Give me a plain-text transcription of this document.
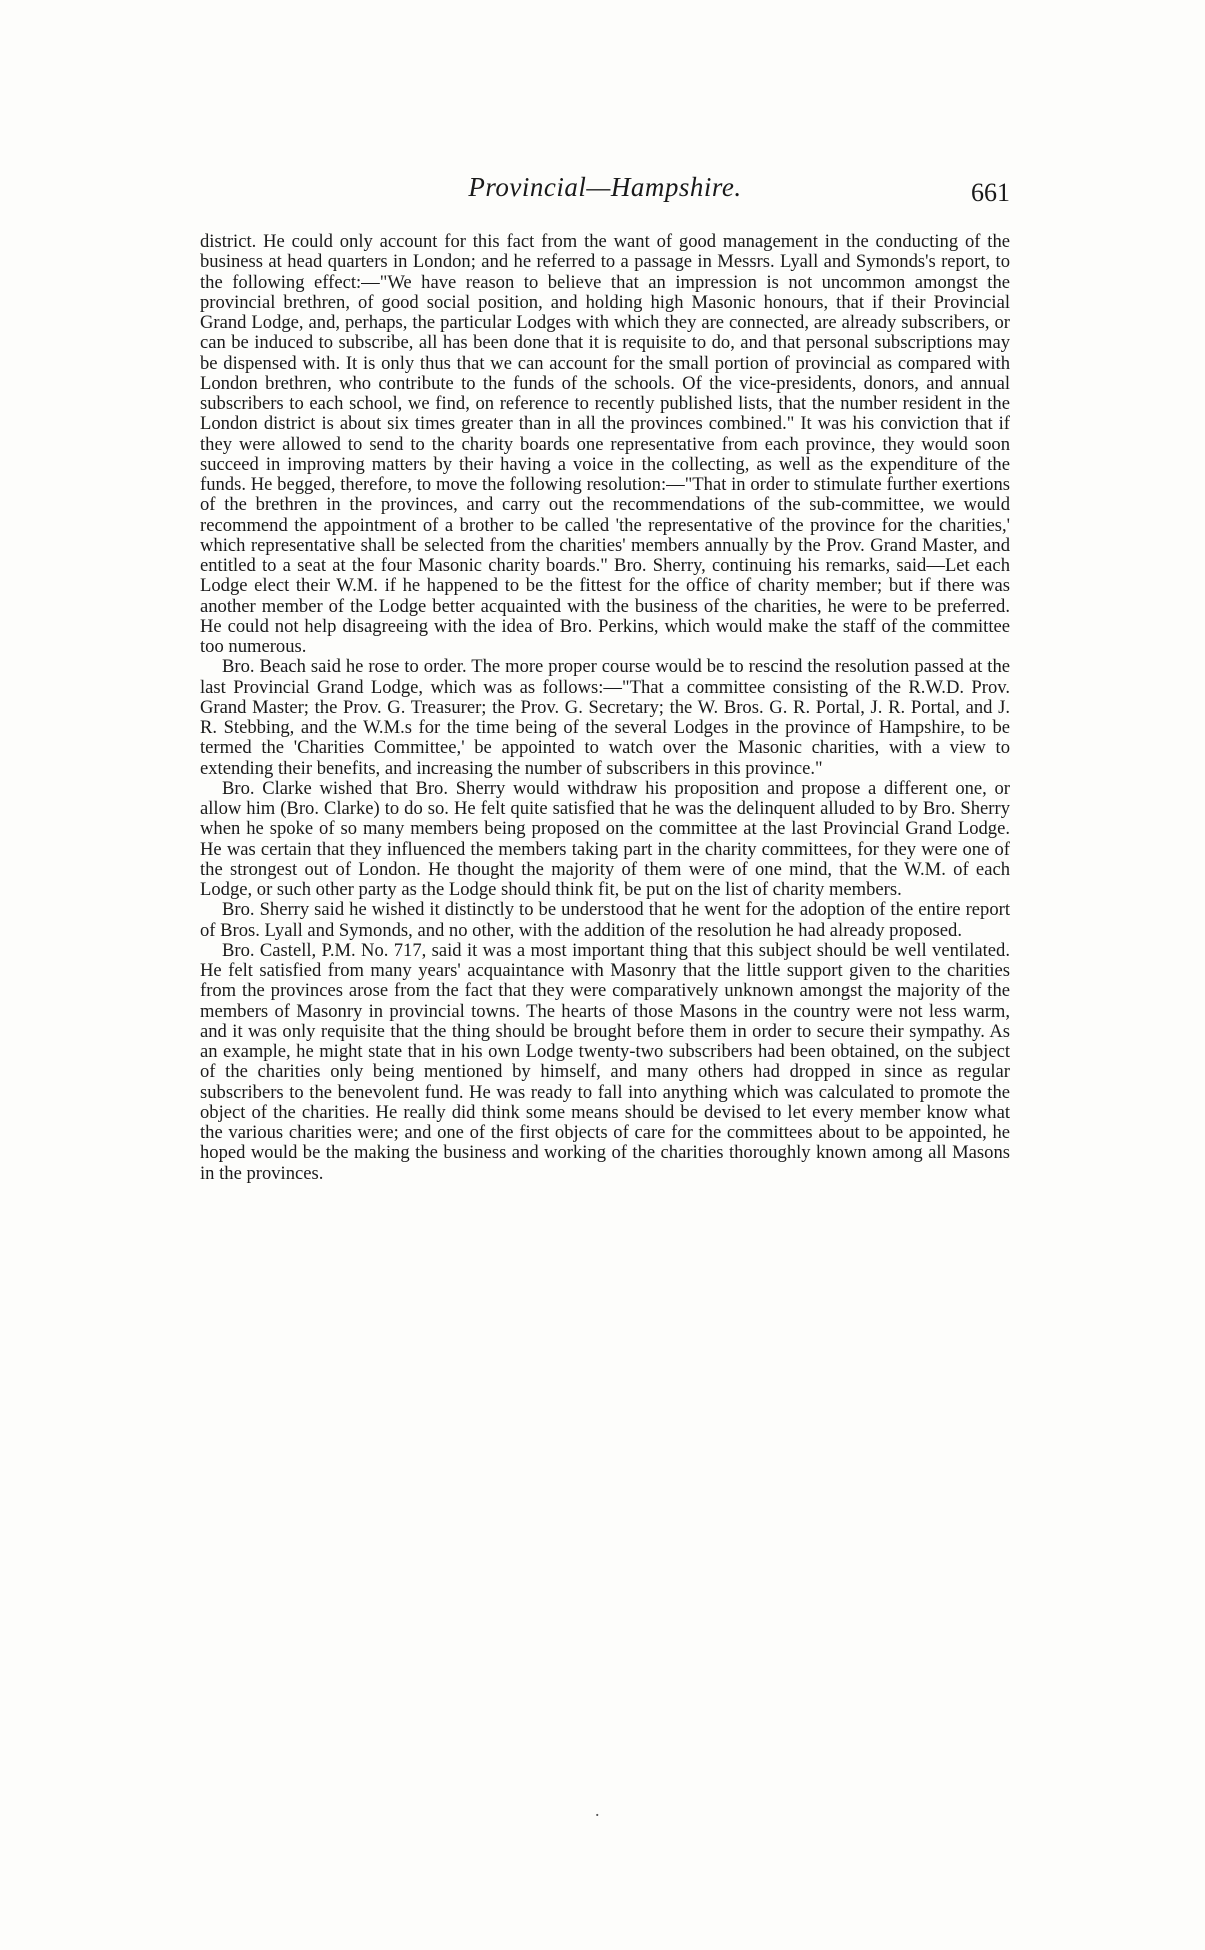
Provincial—Hampshire.	661

district. He could only account for this fact from the want of good management in the conducting of the business at head quarters in London; and he referred to a passage in Messrs. Lyall and Symonds's report, to the following effect:—"We have reason to believe that an impression is not uncommon amongst the provincial brethren, of good social position, and holding high Masonic honours, that if their Provincial Grand Lodge, and, perhaps, the particular Lodges with which they are connected, are already subscribers, or can be induced to subscribe, all has been done that it is requisite to do, and that personal subscriptions may be dispensed with. It is only thus that we can account for the small portion of provincial as compared with London brethren, who contribute to the funds of the schools. Of the vice-presidents, donors, and annual subscribers to each school, we find, on reference to recently published lists, that the number resident in the London district is about six times greater than in all the provinces combined." It was his conviction that if they were allowed to send to the charity boards one representative from each province, they would soon succeed in improving matters by their having a voice in the collecting, as well as the expenditure of the funds. He begged, therefore, to move the following resolution:—"That in order to stimulate further exertions of the brethren in the provinces, and carry out the recommendations of the sub-committee, we would recommend the appointment of a brother to be called 'the representative of the province for the charities,' which representative shall be selected from the charities' members annually by the Prov. Grand Master, and entitled to a seat at the four Masonic charity boards." Bro. Sherry, continuing his remarks, said—Let each Lodge elect their W.M. if he happened to be the fittest for the office of charity member; but if there was another member of the Lodge better acquainted with the business of the charities, he were to be preferred. He could not help disagreeing with the idea of Bro. Perkins, which would make the staff of the committee too numerous.

Bro. Beach said he rose to order. The more proper course would be to rescind the resolution passed at the last Provincial Grand Lodge, which was as follows:—"That a committee consisting of the R.W.D. Prov. Grand Master; the Prov. G. Treasurer; the Prov. G. Secretary; the W. Bros. G. R. Portal, J. R. Portal, and J. R. Stebbing, and the W.M.s for the time being of the several Lodges in the province of Hampshire, to be termed the 'Charities Committee,' be appointed to watch over the Masonic charities, with a view to extending their benefits, and increasing the number of subscribers in this province."

Bro. Clarke wished that Bro. Sherry would withdraw his proposition and propose a different one, or allow him (Bro. Clarke) to do so. He felt quite satisfied that he was the delinquent alluded to by Bro. Sherry when he spoke of so many members being proposed on the committee at the last Provincial Grand Lodge. He was certain that they influenced the members taking part in the charity committees, for they were one of the strongest out of London. He thought the majority of them were of one mind, that the W.M. of each Lodge, or such other party as the Lodge should think fit, be put on the list of charity members.

Bro. Sherry said he wished it distinctly to be understood that he went for the adoption of the entire report of Bros. Lyall and Symonds, and no other, with the addition of the resolution he had already proposed.

Bro. Castell, P.M. No. 717, said it was a most important thing that this subject should be well ventilated. He felt satisfied from many years' acquaintance with Masonry that the little support given to the charities from the provinces arose from the fact that they were comparatively unknown amongst the majority of the members of Masonry in provincial towns. The hearts of those Masons in the country were not less warm, and it was only requisite that the thing should be brought before them in order to secure their sympathy. As an example, he might state that in his own Lodge twenty-two subscribers had been obtained, on the subject of the charities only being mentioned by himself, and many others had dropped in since as regular subscribers to the benevolent fund. He was ready to fall into anything which was calculated to promote the object of the charities. He really did think some means should be devised to let every member know what the various charities were; and one of the first objects of care for the committees about to be appointed, he hoped would be the making the business and working of the charities thoroughly known among all Masons in the provinces.

.
